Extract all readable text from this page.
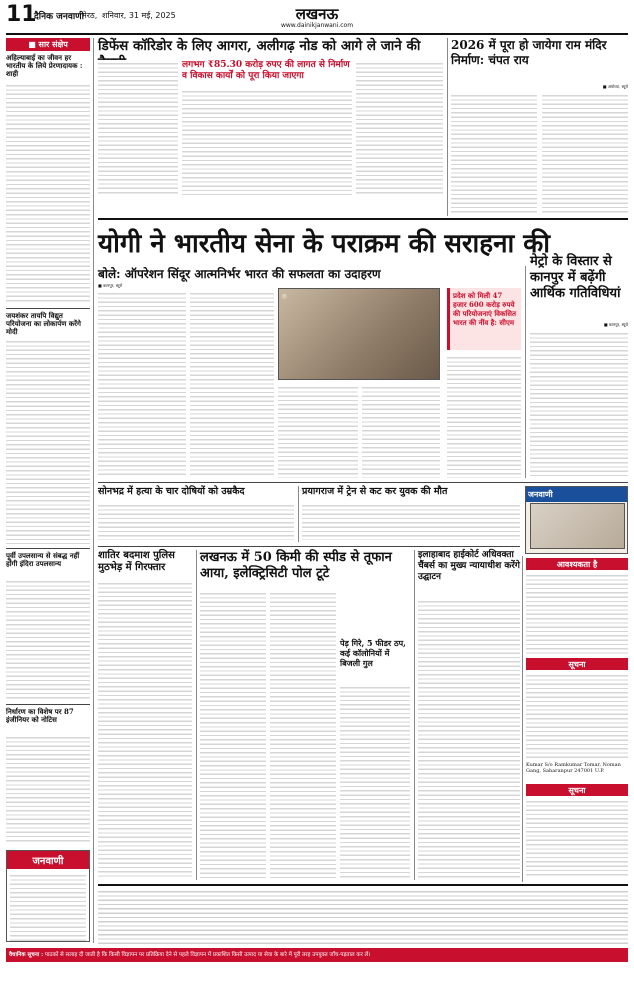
11
दैनिक जनवाणी
मेरठ, शनिवार, 31 मई, 2025	लखनऊ
www.dainikjanwani.com
■ सार संक्षेप
अहिल्याबाई का जीवन हर भारतीय के लिये प्रेरणादायक : शाही
जयशंकर तायपि विद्युत परियोजना का लोकार्पण करेंगे मोदी
पूर्वी उपलसान्य से संबद्ध नहीं होंगी इंदिरा उपलसान्य
निर्धारण का विशेष पर 87 इंजीनियर को नोटिस
जनवाणी
डिफेंस कॉरिडोर के लिए आगरा, अलीगढ़ नोड को आगे ले जाने की
लगभग ₹85.30 करोड़ रुपए की लागत से निर्माण व विकास कार्यों को पूरा किया जाएगा
2026 में पूरा हो जायेगा राम मंदिर निर्माण: चंपत राय
■ अयोध्या, ब्यूरो
योगी ने भारतीय सेना के पराक्रम की सराहना की
बोले: ऑपरेशन सिंदूर आत्मनिर्भर भारत की सफलता का उदाहरण
■ कानपुर, ब्यूरो
⌾	प्रदेश को मिली 47 हजार 600 करोड़ रुपये की परियोजनाएं विकसित भारत की नींव है: सीएम
मेट्रो के विस्तार से कानपुर में बढ़ेंगी आर्थिक गतिविधियां
■ कानपुर, ब्यूरो
सोनभद्र में हत्या के चार दोषियों को उम्रकैद	प्रयागराज में ट्रेन से कट कर युवक की मौत	जनवाणी
शातिर बदमाश पुलिस मुठभेड़ में गिरफ्तार
लखनऊ में 50 किमी की स्पीड से तूफान आया, इलेक्ट्रिसिटी पोल टूटे
पेड़ गिरे, 5 फीडर ठप, कई कॉलोनियों में बिजली गुल
इलाहाबाद हाईकोर्ट अधिवक्ता चैंबर्स का मुख्य न्यायाधीश करेंगे उद्घाटन
आवश्यकता है
सूचना
Kumar S/o Ramkumar Tomar, Noman Gang, Saharanpur 247001 U.P.
सूचना
वैधानिक सूचना : पाठकों से सलाह दी जाती है कि किसी विज्ञापन पर प्रतिक्रिया देने से पहले विज्ञापन में प्रकाशित किसी उत्पाद या सेवा के बारे में पूरी तरह उपयुक्त जाँच-पड़ताल कर लें।
